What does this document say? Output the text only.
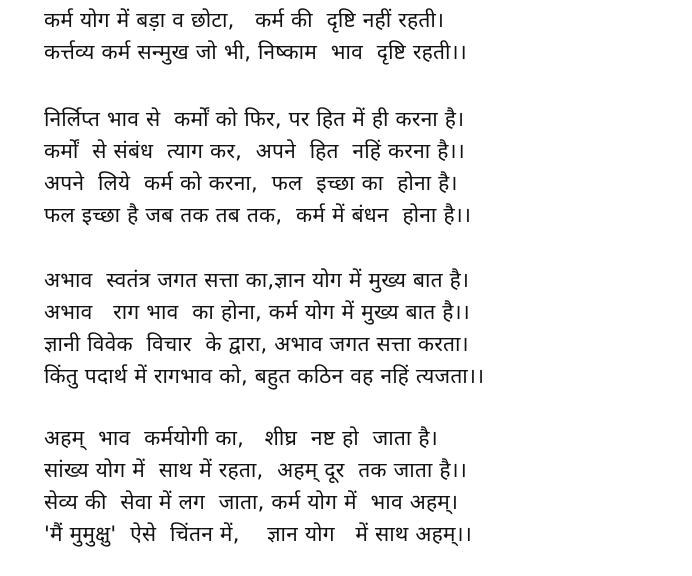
कर्म योग में बड़ा व छोटा,   कर्म की  दृष्टि नहीं रहती।
कर्त्तव्य कर्म सन्मुख जो भी, निष्काम  भाव  दृष्टि रहती।।
निर्लिप्त भाव से  कर्मों को फिर, पर हित में ही करना है।
कर्मों  से संबंध  त्याग कर,  अपने  हित  नहिं करना है।।
अपने  लिये  कर्म को करना,  फल  इच्छा का  होना है।
फल इच्छा है जब तक तब तक,  कर्म में बंधन  होना है।।
अभाव  स्वतंत्र जगत सत्ता का,ज्ञान योग में मुख्य बात है।
अभाव   राग भाव  का होना, कर्म योग में मुख्य बात है।।
ज्ञानी विवेक  विचार  के द्वारा, अभाव जगत सत्ता करता।
किंतु पदार्थ में रागभाव को, बहुत कठिन वह नहिं त्यजता।।
अहम्  भाव  कर्मयोगी का,   शीघ्र  नष्ट हो  जाता है।
सांख्य योग में  साथ में रहता,  अहम् दूर  तक जाता है।।
सेव्य की  सेवा में लग  जाता, कर्म योग में  भाव अहम्।
'मैं मुमुक्षु'  ऐसे  चिंतन में,    ज्ञान योग   में साथ अहम्।।
